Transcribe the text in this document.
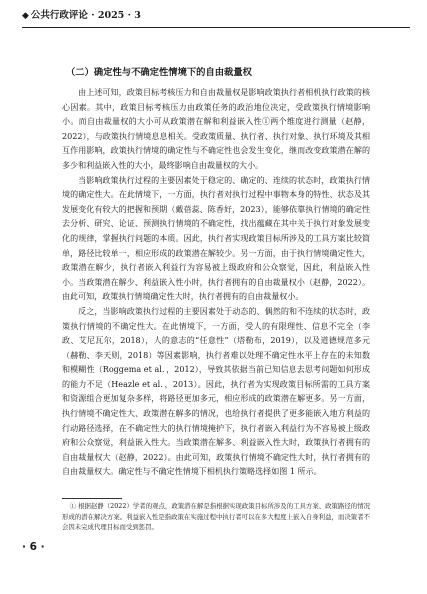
◆ 公共行政评论 · 2025 · 3
（二）确定性与不确定性情境下的自由裁量权

由上述可知，政策目标考核压力和自由裁量权是影响政策执行者相机执行政策的核心因素。其中，政策目标考核压力由政策任务的政治地位决定，受政策执行情境影响小。而自由裁量权的大小可从政策潜在解和利益嵌入性①两个维度进行测量（赵静，2022），与政策执行情境息息相关。受政策质量、执行者、执行对象、执行环境及其相互作用影响，政策执行情境的确定性与不确定性也会发生变化，继而改变政策潜在解的多少和利益嵌入性的大小，最终影响自由裁量权的大小。

当影响政策执行过程的主要因素处于稳定的、确定的、连续的状态时，政策执行情境的确定性大。在此情境下，一方面，执行者对执行过程中事物本身的特性、状态及其发展变化有较大的把握和预期（戴蓓蕊、陈香好，2023），能够依靠执行情境的确定性去分析、研究、论证、预测执行情境的不确定性，找出蕴藏在其中关于执行对象发展变化的规律，掌握执行问题的本质。因此，执行者实现政策目标所涉及的工具方案比较简单，路径比较单一，相应形成的政策潜在解较少。另一方面，由于执行情境确定性大，政策潜在解少，执行者嵌入利益行为容易被上级政府和公众察觉，因此，利益嵌入性小。当政策潜在解少、利益嵌入性小时，执行者拥有的自由裁量权小（赵静，2022）。由此可知，政策执行情境确定性大时，执行者拥有的自由裁量权小。

反之，当影响政策执行过程的主要因素处于动态的、偶然的和不连续的状态时，政策执行情境的不确定性大。在此情境下，一方面，受人的有限理性、信息不完全（李政、艾尼瓦尔，2018），人的意志的“任意性”（塔勒布，2019），以及道德规范多元（赫勒、李天则，2018）等因素影响，执行者难以处理不确定性水平上存在的未知数和模糊性（Roggema et al．，2012），导致其依据当前已知信息去思考问题如何形成的能力不足（Heazle et al．，2013）。因此，执行者为实现政策目标所需的工具方案和资源组合更加复杂多样，将路径更加多元，相应形成的政策潜在解更多。另一方面，执行情境不确定性大、政策潜在解多的情况，也给执行者提供了更多能嵌入地方利益的行动路径选择，在不确定性大的执行情境掩护下，执行者嵌入利益行为不容易被上级政府和公众察觉，利益嵌入性大。当政策潜在解多、利益嵌入性大时，政策执行者拥有的自由裁量权大（赵静，2022）。由此可知，政策执行情境不确定性大时，执行者拥有的自由裁量权大。确定性与不确定性情境下相机执行策略选择如图 1 所示。

① 根据赵静（2022）学者的观点，政策潜在解是指根据实现政策目标所涉及的工具方案、政策路径的情况形成的潜在解决方案。利益嵌入性是指政策在实施过程中执行者可以在多大程度上嵌入自身利益，而决策者不会因未完成代理目标而受到惩罚。

· 6 ·
